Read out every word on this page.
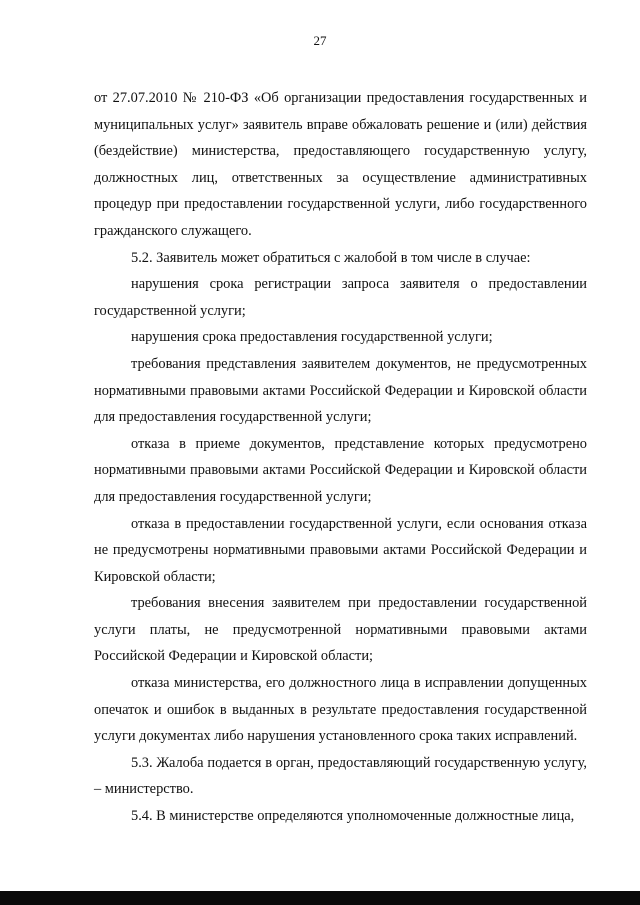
27

от 27.07.2010 № 210-ФЗ «Об организации предоставления государственных и муниципальных услуг» заявитель вправе обжаловать решение и (или) действия (бездействие) министерства, предоставляющего государственную услугу, должностных лиц, ответственных за осуществление административных процедур при предоставлении государственной услуги, либо государственного гражданского служащего.

5.2. Заявитель может обратиться с жалобой в том числе в случае:

нарушения срока регистрации запроса заявителя о предоставлении государственной услуги;

нарушения срока предоставления государственной услуги;

требования представления заявителем документов, не предусмотренных нормативными правовыми актами Российской Федерации и Кировской области для предоставления государственной услуги;

отказа в приеме документов, представление которых предусмотрено нормативными правовыми актами Российской Федерации и Кировской области для предоставления государственной услуги;

отказа в предоставлении государственной услуги, если основания отказа не предусмотрены нормативными правовыми актами Российской Федерации и Кировской области;

требования внесения заявителем при предоставлении государственной услуги платы, не предусмотренной нормативными правовыми актами Российской Федерации и Кировской области;

отказа министерства, его должностного лица в исправлении допущенных опечаток и ошибок в выданных в результате предоставления государственной услуги документах либо нарушения установленного срока таких исправлений.

5.3. Жалоба подается в орган, предоставляющий государственную услугу, – министерство.

5.4. В министерстве определяются уполномоченные должностные лица,
